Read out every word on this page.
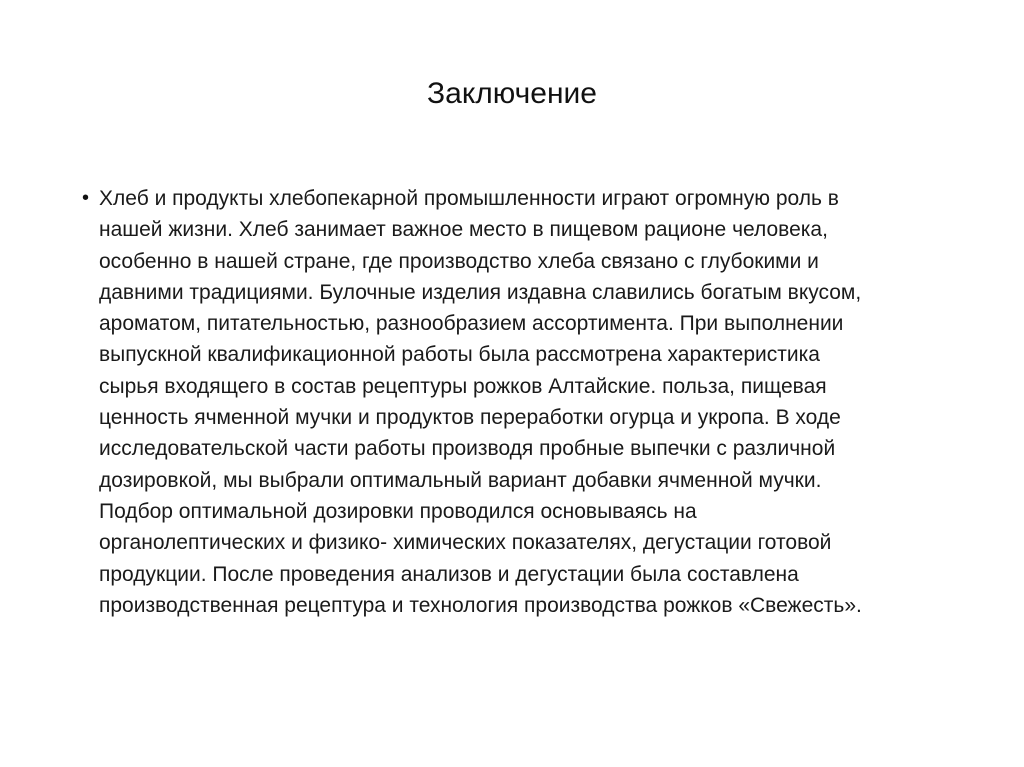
Заключение
• Хлеб и продукты хлебопекарной промышленности играют огромную роль в
нашей жизни. Хлеб занимает важное место в пищевом рационе человека,
особенно в нашей стране, где производство хлеба связано с глубокими и
давними традициями. Булочные изделия издавна славились богатым вкусом,
ароматом, питательностью, разнообразием ассортимента. При выполнении
выпускной квалификационной работы была рассмотрена характеристика
сырья входящего в состав рецептуры рожков Алтайские. польза, пищевая
ценность ячменной мучки и продуктов переработки огурца и укропа. В ходе
исследовательской части работы производя пробные выпечки с различной
дозировкой, мы выбрали оптимальный вариант добавки ячменной мучки.
Подбор оптимальной дозировки проводился основываясь на
органолептических и физико- химических показателях, дегустации готовой
продукции. После проведения анализов и дегустации была составлена
производственная рецептура и технология производства рожков «Свежесть».
